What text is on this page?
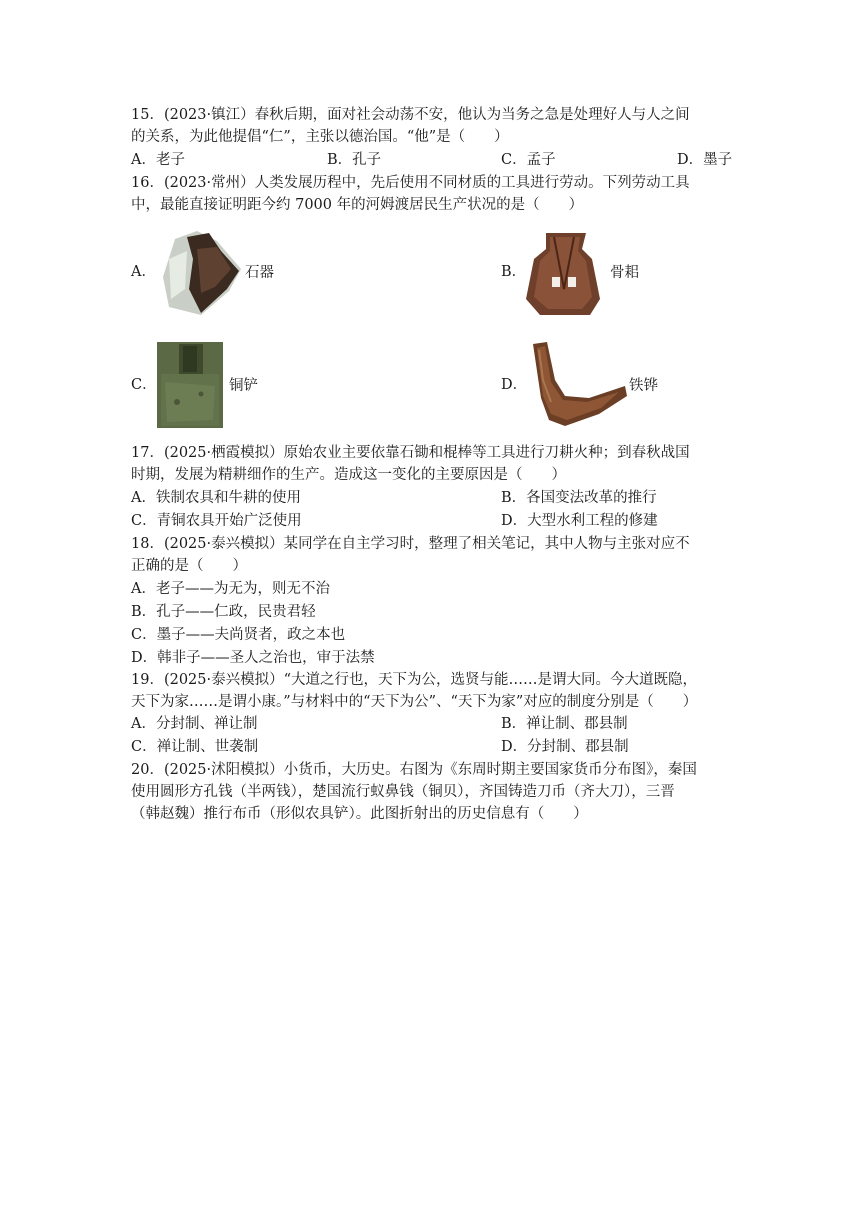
15．(2023·镇江）春秋后期，面对社会动荡不安，他认为当务之急是处理好人与人之间
的关系，为此他提倡“仁”，主张以德治国。“他”是（　　）
A．老子	B．孔子	C．孟子	D．墨子
16．(2023·常州）人类发展历程中，先后使用不同材质的工具进行劳动。下列劳动工具
中，最能直接证明距今约 7000 年的河姆渡居民生产状况的是（　　）
A．	石器	B．	骨耜
C．	铜铲	D．	铁铧
17．(2025·栖霞模拟）原始农业主要依靠石锄和棍棒等工具进行刀耕火种；到春秋战国
时期，发展为精耕细作的生产。造成这一变化的主要原因是（　　）
A．铁制农具和牛耕的使用	B．各国变法改革的推行
C．青铜农具开始广泛使用	D．大型水利工程的修建
18．(2025·泰兴模拟）某同学在自主学习时，整理了相关笔记，其中人物与主张对应不
正确的是（　　）
A．老子——为无为，则无不治
B．孔子——仁政，民贵君轻
C．墨子——夫尚贤者，政之本也
D．韩非子——圣人之治也，审于法禁
19．(2025·泰兴模拟）“大道之行也，天下为公，选贤与能……是谓大同。今大道既隐，
天下为家……是谓小康。”与材料中的“天下为公”、“天下为家”对应的制度分别是（　　）
A．分封制、禅让制	B．禅让制、郡县制
C．禅让制、世袭制	D．分封制、郡县制
20．(2025·沭阳模拟）小货币，大历史。右图为《东周时期主要国家货币分布图》，秦国
使用圆形方孔钱（半两钱），楚国流行蚁鼻钱（铜贝），齐国铸造刀币（齐大刀），三晋
（韩赵魏）推行布币（形似农具铲）。此图折射出的历史信息有（　　）
